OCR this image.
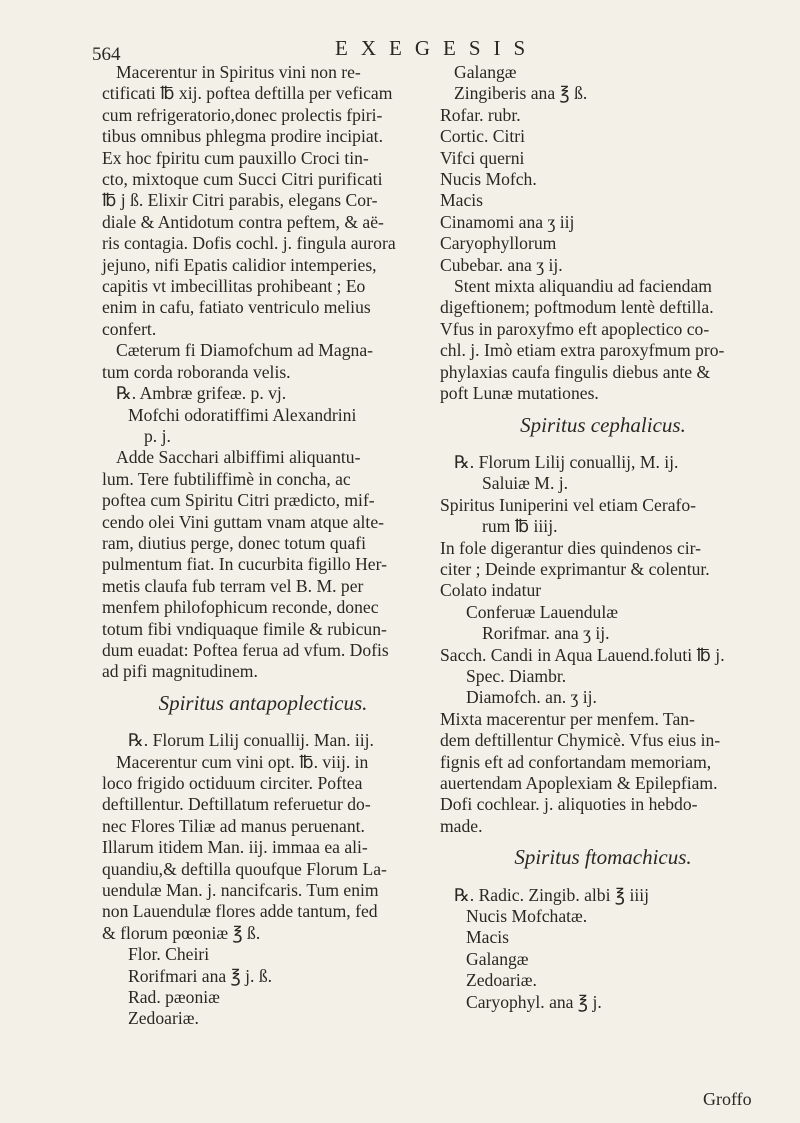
564	EXEGESIS
Macerentur in Spiritus vini non re-
ctificati ℔ xij. poftea deftilla per veficam
cum refrigeratorio,donec prolectis fpiri-
tibus omnibus phlegma prodire incipiat.
Ex hoc fpiritu cum pauxillo Croci tin-
cto, mixtoque cum Succi Citri purificati
℔ j ß. Elixir Citri parabis, elegans Cor-
diale & Antidotum contra peftem, & aë-
ris contagia. Dofis cochl. j. fingula aurora
jejuno, nifi Epatis calidior intemperies,
capitis vt imbecillitas prohibeant ; Eo
enim in cafu, fatiato ventriculo melius
confert.
Cæterum fi Diamofchum ad Magna-
tum corda roboranda velis.
℞. Ambræ grifeæ. p. vj.
Mofchi odoratiffimi Alexandrini
p. j.
Adde Sacchari albiffimi aliquantu-
lum. Tere fubtiliffimè in concha, ac
poftea cum Spiritu Citri prædicto, mif-
cendo olei Vini guttam vnam atque alte-
ram, diutius perge, donec totum quafi
pulmentum fiat. In cucurbita figillo Her-
metis claufa fub terram vel B. M. per
menfem philofophicum reconde, donec
totum fibi vndiquaque fimile & rubicun-
dum euadat: Poftea ferua ad vfum. Dofis
ad pifi magnitudinem.
Spiritus antapoplecticus.
℞. Florum Lilij conuallij. Man. iij.
Macerentur cum vini opt. ℔. viij. in
loco frigido octiduum circiter. Poftea
deftillentur. Deftillatum referuetur do-
nec Flores Tiliæ ad manus peruenant.
Illarum itidem Man. iij. immaa ea ali-
quandiu,& deftilla quoufque Florum La-
uendulæ Man. j. nancifcaris. Tum enim
non Lauendulæ flores adde tantum, fed
& florum pœoniæ ℥ ß.
Flor. Cheiri
Rorifmari ana ℥ j. ß.
Rad. pæoniæ
Zedoariæ.
Galangæ
Zingiberis ana ℥ ß.
Rofar. rubr.
Cortic. Citri
Vifci querni
Nucis Mofch.
Macis
Cinamomi ana ʒ iij
Caryophyllorum
Cubebar. ana ʒ ij.
Stent mixta aliquandiu ad faciendam
digeftionem; poftmodum lentè deftilla.
Vfus in paroxyfmo eft apoplectico co-
chl. j. Imò etiam extra paroxyfmum pro-
phylaxias caufa fingulis diebus ante &
poft Lunæ mutationes.
Spiritus cephalicus.
℞. Florum Lilij conuallij, M. ij.
Saluiæ M. j.
Spiritus Iuniperini vel etiam Cerafo-
rum ℔ iiij.
In fole digerantur dies quindenos cir-
citer ; Deinde exprimantur & colentur.
Colato indatur
Conferuæ Lauendulæ
Rorifmar. ana ʒ ij.
Sacch. Candi in Aqua Lauend.foluti ℔ j.
Spec. Diambr.
Diamofch. an. ʒ ij.
Mixta macerentur per menfem. Tan-
dem deftillentur Chymicè. Vfus eius in-
fignis eft ad confortandam memoriam,
auertendam Apoplexiam & Epilepfiam.
Dofi cochlear. j. aliquoties in hebdo-
made.
Spiritus ftomachicus.
℞. Radic. Zingib. albi ℥ iiij
Nucis Mofchatæ.
Macis
Galangæ
Zedoariæ.
Caryophyl. ana ℥ j.
Groffo
